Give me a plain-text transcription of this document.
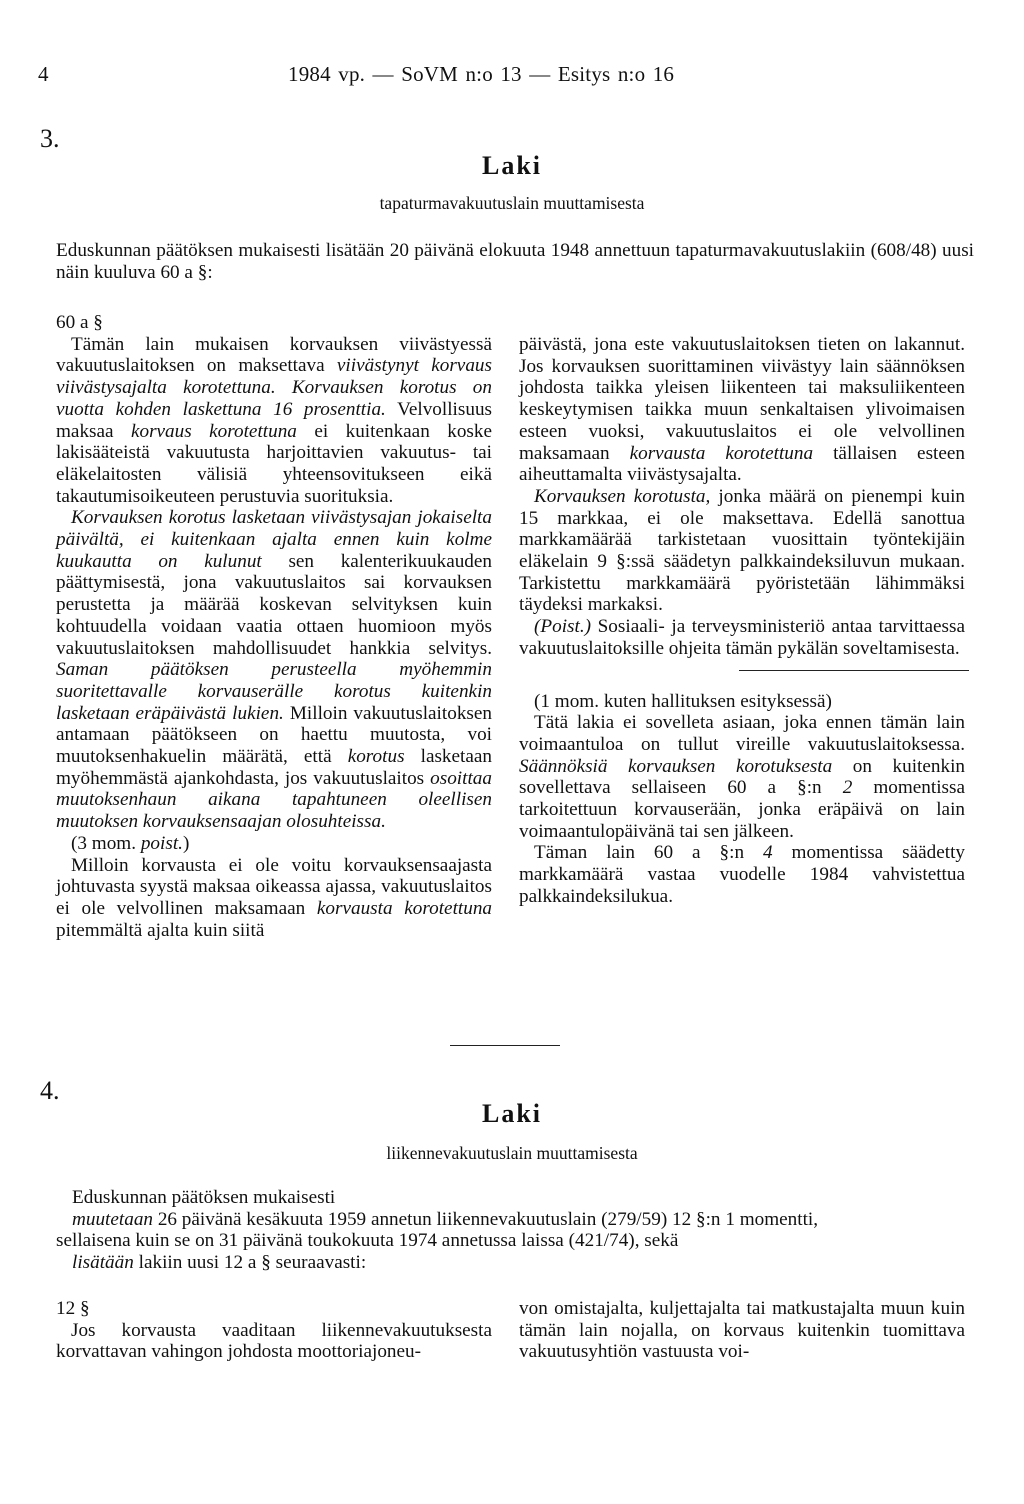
4	1984 vp. — SoVM n:o 13 — Esitys n:o 16
3.
Laki
tapaturmavakuutuslain muuttamisesta

Eduskunnan päätöksen mukaisesti lisätään 20 päivänä elokuuta 1948 annettuun tapaturmavakuutuslakiin (608/48) uusi näin kuuluva 60 a §:

60 a §

Tämän lain mukaisen korvauksen viivästyessä vakuutuslaitoksen on maksettava viivästynyt korvaus viivästysajalta korotettuna. Korvauksen korotus on vuotta kohden laskettuna 16 prosenttia. Velvollisuus maksaa korvaus korotettuna ei kuitenkaan koske lakisääteistä vakuutusta harjoittavien vakuutus- tai eläkelaitosten välisiä yhteensovitukseen eikä takautumisoikeuteen perustuvia suorituksia.

Korvauksen korotus lasketaan viivästysajan jokaiselta päivältä, ei kuitenkaan ajalta ennen kuin kolme kuukautta on kulunut sen kalenterikuukauden päättymisestä, jona vakuutuslaitos sai korvauksen perustetta ja määrää koskevan selvityksen kuin kohtuudella voidaan vaatia ottaen huomioon myös vakuutuslaitoksen mahdollisuudet hankkia selvitys. Saman päätöksen perusteella myöhemmin suoritettavalle korvauserälle korotus kuitenkin lasketaan eräpäivästä lukien. Milloin vakuutuslaitoksen antamaan päätökseen on haettu muutosta, voi muutoksenhakuelin määrätä, että korotus lasketaan myöhemmästä ajankohdasta, jos vakuutuslaitos osoittaa muutoksenhaun aikana tapahtuneen oleellisen muutoksen korvauksensaajan olosuhteissa.

(3 mom. poist.)

Milloin korvausta ei ole voitu korvauksensaajasta johtuvasta syystä maksaa oikeassa ajassa, vakuutuslaitos ei ole velvollinen maksamaan korvausta korotettuna pitemmältä ajalta kuin siitä

päivästä, jona este vakuutuslaitoksen tieten on lakannut. Jos korvauksen suorittaminen viivästyy lain säännöksen johdosta taikka yleisen liikenteen tai maksuliikenteen keskeytymisen taikka muun senkaltaisen ylivoimaisen esteen vuoksi, vakuutuslaitos ei ole velvollinen maksamaan korvausta korotettuna tällaisen esteen aiheuttamalta viivästysajalta.

Korvauksen korotusta, jonka määrä on pienempi kuin 15 markkaa, ei ole maksettava. Edellä sanottua markkamäärää tarkistetaan vuosittain työntekijäin eläkelain 9 §:ssä säädetyn palkkaindeksiluvun mukaan. Tarkistettu markkamäärä pyöristetään lähimmäksi täydeksi markaksi.

(Poist.) Sosiaali- ja terveysministeriö antaa tarvittaessa vakuutuslaitoksille ohjeita tämän pykälän soveltamisesta.

(1 mom. kuten hallituksen esityksessä)

Tätä lakia ei sovelleta asiaan, joka ennen tämän lain voimaantuloa on tullut vireille vakuutuslaitoksessa. Säännöksiä korvauksen korotuksesta on kuitenkin sovellettava sellaiseen 60 a §:n 2 momentissa tarkoitettuun korvauserään, jonka eräpäivä on lain voimaantulopäivänä tai sen jälkeen.

Täman lain 60 a §:n 4 momentissa säädetty markkamäärä vastaa vuodelle 1984 vahvistettua palkkaindeksilukua.

4.
Laki
liikennevakuutuslain muuttamisesta
Eduskunnan päätöksen mukaisesti
muutetaan 26 päivänä kesäkuuta 1959 annetun liikennevakuutuslain (279/59) 12 §:n 1 momentti,
sellaisena kuin se on 31 päivänä toukokuuta 1974 annetussa laissa (421/74), sekä
lisätään lakiin uusi 12 a § seuraavasti:

12 §

Jos korvausta vaaditaan liikennevakuutuksesta korvattavan vahingon johdosta moottoriajoneu-

von omistajalta, kuljettajalta tai matkustajalta muun kuin tämän lain nojalla, on korvaus kuitenkin tuomittava vakuutusyhtiön vastuusta voi-
